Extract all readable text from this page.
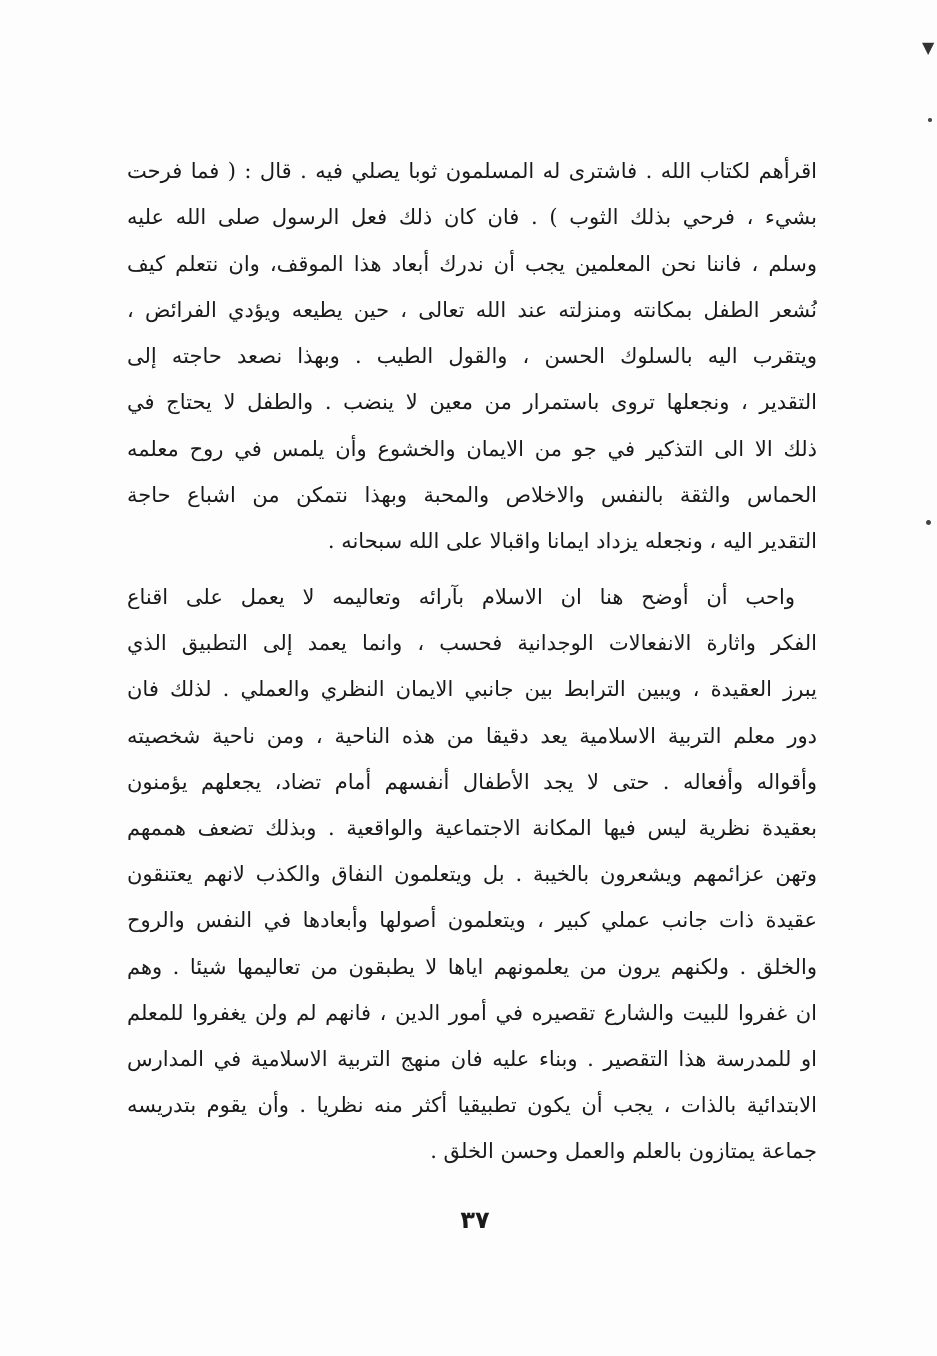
▼
اقرأهم لكتاب الله . فاشترى له المسلمون ثوبا يصلي فيه . قال : ( فما فرحت
بشيء ، فرحي بذلك الثوب ) . فان كان ذلك فعل الرسول صلى الله عليه
وسلم ، فاننا نحن المعلمين يجب أن ندرك أبعاد هذا الموقف، وان نتعلم كيف
نُشعر الطفل بمكانته ومنزلته عند الله تعالى ، حين يطيعه ويؤدي الفرائض ،
ويتقرب اليه بالسلوك الحسن ، والقول الطيب . وبهذا نصعد حاجته إلى
التقدير ، ونجعلها تروى باستمرار من معين لا ينضب . والطفل لا يحتاج في
ذلك الا الى التذكير في جو من الايمان والخشوع وأن يلمس في روح معلمه
الحماس والثقة بالنفس والاخلاص والمحبة وبهذا نتمكن من اشباع حاجة
التقدير اليه ، ونجعله يزداد ايمانا واقبالا على الله سبحانه .
واحب أن أوضح هنا ان الاسلام بآرائه وتعاليمه لا يعمل على اقناع
الفكر واثارة الانفعالات الوجدانية فحسب ، وانما يعمد إلى التطبيق الذي
يبرز العقيدة ، ويبين الترابط بين جانبي الايمان النظري والعملي . لذلك فان
دور معلم التربية الاسلامية يعد دقيقا من هذه الناحية ، ومن ناحية شخصيته
وأقواله وأفعاله . حتى لا يجد الأطفال أنفسهم أمام تضاد، يجعلهم يؤمنون
بعقيدة نظرية ليس فيها المكانة الاجتماعية والواقعية . وبذلك تضعف هممهم
وتهن عزائمهم ويشعرون بالخيبة . بل ويتعلمون النفاق والكذب لانهم يعتنقون
عقيدة ذات جانب عملي كبير ، ويتعلمون أصولها وأبعادها في النفس والروح
والخلق . ولكنهم يرون من يعلمونهم اياها لا يطبقون من تعاليمها شيئا . وهم
ان غفروا للبيت والشارع تقصيره في أمور الدين ، فانهم لم ولن يغفروا للمعلم
او للمدرسة هذا التقصير . وبناء عليه فان منهج التربية الاسلامية في المدارس
الابتدائية بالذات ، يجب أن يكون تطبيقيا أكثر منه نظريا . وأن يقوم بتدريسه
جماعة يمتازون بالعلم والعمل وحسن الخلق .
٣٧
